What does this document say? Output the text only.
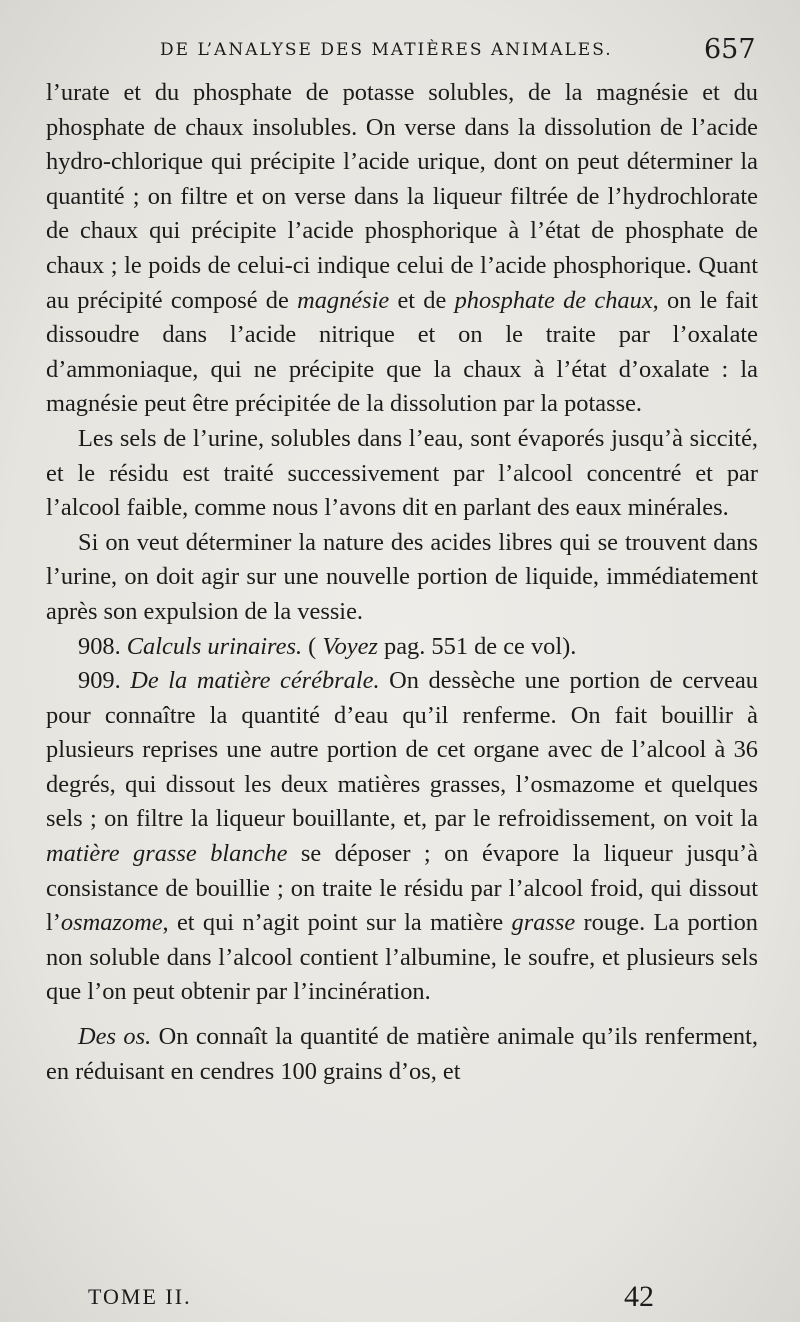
DE L’ANALYSE DES MATIÈRES ANIMALES.	657

l’urate et du phosphate de potasse solubles, de la magnésie et du phosphate de chaux insolubles. On verse dans la dissolution de l’acide hydro-chlorique qui précipite l’acide urique, dont on peut déterminer la quantité ; on filtre et on verse dans la liqueur filtrée de l’hydrochlorate de chaux qui précipite l’acide phosphorique à l’état de phosphate de chaux ; le poids de celui-ci indique celui de l’acide phosphorique. Quant au précipité composé de magnésie et de phosphate de chaux, on le fait dissoudre dans l’acide nitrique et on le traite par l’oxalate d’ammoniaque, qui ne précipite que la chaux à l’état d’oxalate : la magnésie peut être précipitée de la dissolution par la potasse.

Les sels de l’urine, solubles dans l’eau, sont évaporés jusqu’à siccité, et le résidu est traité successivement par l’alcool concentré et par l’alcool faible, comme nous l’avons dit en parlant des eaux minérales.

Si on veut déterminer la nature des acides libres qui se trouvent dans l’urine, on doit agir sur une nouvelle portion de liquide, immédiatement après son expulsion de la vessie.

908. Calculs urinaires. ( Voyez pag. 551 de ce vol).

909. De la matière cérébrale. On dessèche une portion de cerveau pour connaître la quantité d’eau qu’il renferme. On fait bouillir à plusieurs reprises une autre portion de cet organe avec de l’alcool à 36 degrés, qui dissout les deux matières grasses, l’osmazome et quelques sels ; on filtre la liqueur bouillante, et, par le refroidissement, on voit la matière grasse blanche se déposer ; on évapore la liqueur jusqu’à consistance de bouillie ; on traite le résidu par l’alcool froid, qui dissout l’osmazome, et qui n’agit point sur la matière grasse rouge. La portion non soluble dans l’alcool contient l’albumine, le soufre, et plusieurs sels que l’on peut obtenir par l’incinération.

Des os. On connaît la quantité de matière animale qu’ils renferment, en réduisant en cendres 100 grains d’os, et

TOME II.	42
